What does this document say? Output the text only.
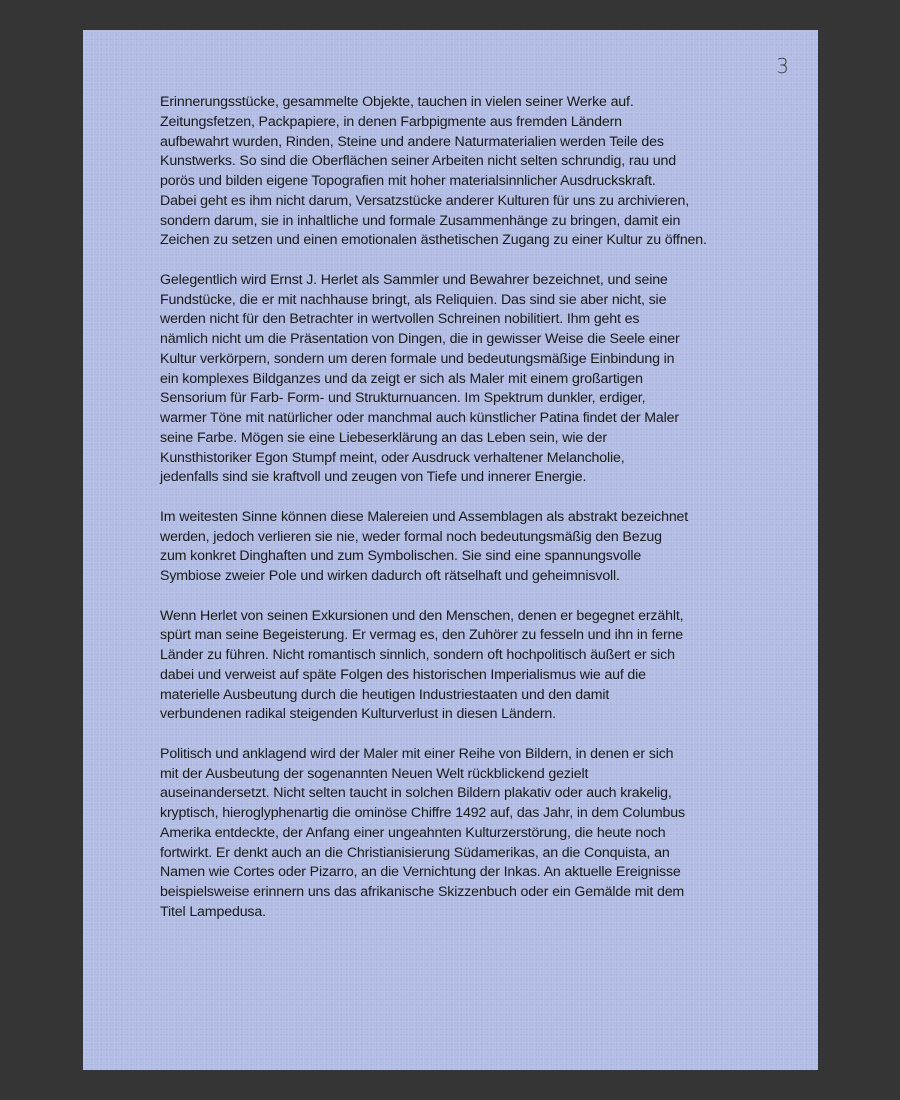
3

Erinnerungsstücke, gesammelte Objekte, tauchen in vielen seiner Werke auf.
Zeitungsfetzen, Packpapiere, in denen Farbpigmente aus fremden Ländern
aufbewahrt wurden, Rinden, Steine und andere Naturmaterialien werden Teile des
Kunstwerks. So sind die Oberflächen seiner Arbeiten nicht selten schrundig, rau und
porös und bilden eigene Topografien mit hoher materialsinnlicher Ausdruckskraft.
Dabei geht es ihm nicht darum, Versatzstücke anderer Kulturen für uns zu archivieren,
sondern darum, sie in inhaltliche und formale Zusammenhänge zu bringen, damit ein
Zeichen zu setzen und einen emotionalen ästhetischen Zugang zu einer Kultur zu öffnen.

Gelegentlich wird Ernst J. Herlet als Sammler und Bewahrer bezeichnet, und seine
Fundstücke, die er mit nachhause bringt, als Reliquien. Das sind sie aber nicht, sie
werden nicht für den Betrachter in wertvollen Schreinen nobilitiert. Ihm geht es
nämlich nicht um die Präsentation von Dingen, die in gewisser Weise die Seele einer
Kultur verkörpern, sondern um deren formale und bedeutungsmäßige Einbindung in
ein komplexes Bildganzes und da zeigt er sich als Maler mit einem großartigen
Sensorium für Farb- Form- und Strukturnuancen. Im Spektrum dunkler, erdiger,
warmer Töne mit natürlicher oder manchmal auch künstlicher Patina findet der Maler
seine Farbe. Mögen sie eine Liebeserklärung an das Leben sein, wie der
Kunsthistoriker Egon Stumpf meint, oder Ausdruck verhaltener Melancholie,
jedenfalls sind sie kraftvoll und zeugen von Tiefe und innerer Energie.

Im weitesten Sinne können diese Malereien und Assemblagen als abstrakt bezeichnet
werden, jedoch verlieren sie nie, weder formal noch bedeutungsmäßig den Bezug
zum konkret Dinghaften und zum Symbolischen. Sie sind eine spannungsvolle
Symbiose zweier Pole und wirken dadurch oft rätselhaft und geheimnisvoll.

Wenn Herlet von seinen Exkursionen und den Menschen, denen er begegnet erzählt,
spürt man seine Begeisterung. Er vermag es, den Zuhörer zu fesseln und ihn in ferne
Länder zu führen. Nicht romantisch sinnlich, sondern oft hochpolitisch äußert er sich
dabei und verweist auf späte Folgen des historischen Imperialismus wie auf die
materielle Ausbeutung durch die heutigen Industriestaaten und den damit
verbundenen radikal steigenden Kulturverlust in diesen Ländern.

Politisch und anklagend wird der Maler mit einer Reihe von Bildern, in denen er sich
mit der Ausbeutung der sogenannten Neuen Welt rückblickend gezielt
auseinandersetzt. Nicht selten taucht in solchen Bildern plakativ oder auch krakelig,
kryptisch, hieroglyphenartig die ominöse Chiffre 1492 auf, das Jahr, in dem Columbus
Amerika entdeckte, der Anfang einer ungeahnten Kulturzerstörung, die heute noch
fortwirkt. Er denkt auch an die Christianisierung Südamerikas, an die Conquista, an
Namen wie Cortes oder Pizarro, an die Vernichtung der Inkas. An aktuelle Ereignisse
beispielsweise erinnern uns das afrikanische Skizzenbuch oder ein Gemälde mit dem
Titel Lampedusa.
